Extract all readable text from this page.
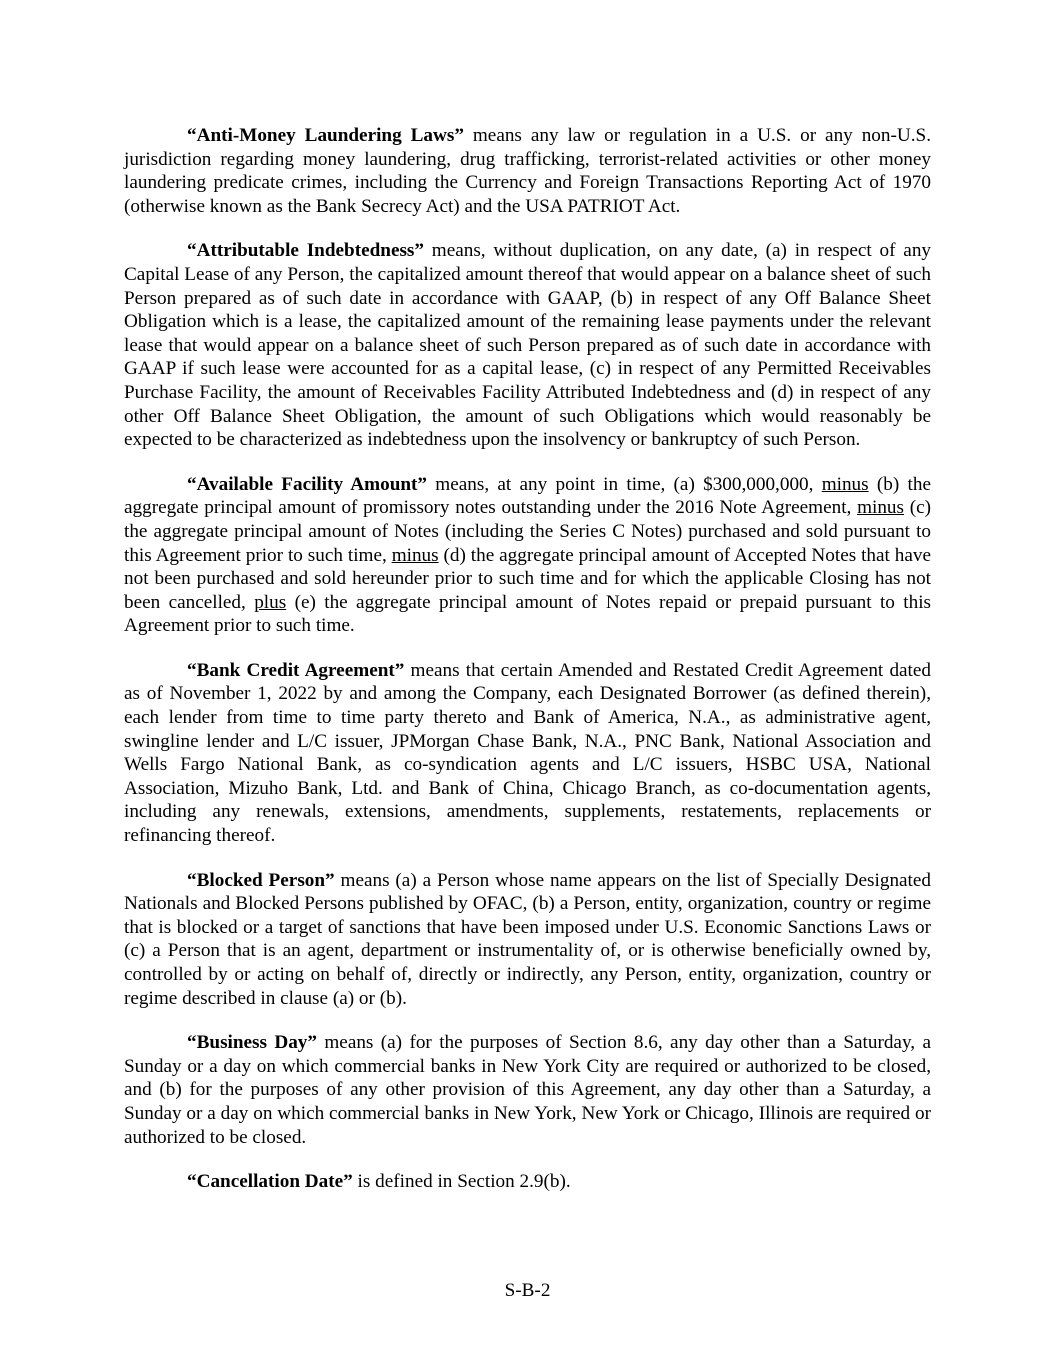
“Anti-Money Laundering Laws” means any law or regulation in a U.S. or any non-U.S. jurisdiction regarding money laundering, drug trafficking, terrorist-related activities or other money laundering predicate crimes, including the Currency and Foreign Transactions Reporting Act of 1970 (otherwise known as the Bank Secrecy Act) and the USA PATRIOT Act.

“Attributable Indebtedness” means, without duplication, on any date, (a) in respect of any Capital Lease of any Person, the capitalized amount thereof that would appear on a balance sheet of such Person prepared as of such date in accordance with GAAP, (b) in respect of any Off Balance Sheet Obligation which is a lease, the capitalized amount of the remaining lease payments under the relevant lease that would appear on a balance sheet of such Person prepared as of such date in accordance with GAAP if such lease were accounted for as a capital lease, (c) in respect of any Permitted Receivables Purchase Facility, the amount of Receivables Facility Attributed Indebtedness and (d) in respect of any other Off Balance Sheet Obligation, the amount of such Obligations which would reasonably be expected to be characterized as indebtedness upon the insolvency or bankruptcy of such Person.

“Available Facility Amount” means, at any point in time, (a) $300,000,000, minus (b) the aggregate principal amount of promissory notes outstanding under the 2016 Note Agreement, minus (c) the aggregate principal amount of Notes (including the Series C Notes) purchased and sold pursuant to this Agreement prior to such time, minus (d) the aggregate principal amount of Accepted Notes that have not been purchased and sold hereunder prior to such time and for which the applicable Closing has not been cancelled, plus (e) the aggregate principal amount of Notes repaid or prepaid pursuant to this Agreement prior to such time.

“Bank Credit Agreement” means that certain Amended and Restated Credit Agreement dated as of November 1, 2022 by and among the Company, each Designated Borrower (as defined therein), each lender from time to time party thereto and Bank of America, N.A., as administrative agent, swingline lender and L/C issuer, JPMorgan Chase Bank, N.A., PNC Bank, National Association and Wells Fargo National Bank, as co-syndication agents and L/C issuers, HSBC USA, National Association, Mizuho Bank, Ltd. and Bank of China, Chicago Branch, as co-documentation agents, including any renewals, extensions, amendments, supplements, restatements, replacements or refinancing thereof.

“Blocked Person” means (a) a Person whose name appears on the list of Specially Designated Nationals and Blocked Persons published by OFAC, (b) a Person, entity, organization, country or regime that is blocked or a target of sanctions that have been imposed under U.S. Economic Sanctions Laws or (c) a Person that is an agent, department or instrumentality of, or is otherwise beneficially owned by, controlled by or acting on behalf of, directly or indirectly, any Person, entity, organization, country or regime described in clause (a) or (b).

“Business Day” means (a) for the purposes of Section 8.6, any day other than a Saturday, a Sunday or a day on which commercial banks in New York City are required or authorized to be closed, and (b) for the purposes of any other provision of this Agreement, any day other than a Saturday, a Sunday or a day on which commercial banks in New York, New York or Chicago, Illinois are required or authorized to be closed.

“Cancellation Date” is defined in Section 2.9(b).

S-B-2
